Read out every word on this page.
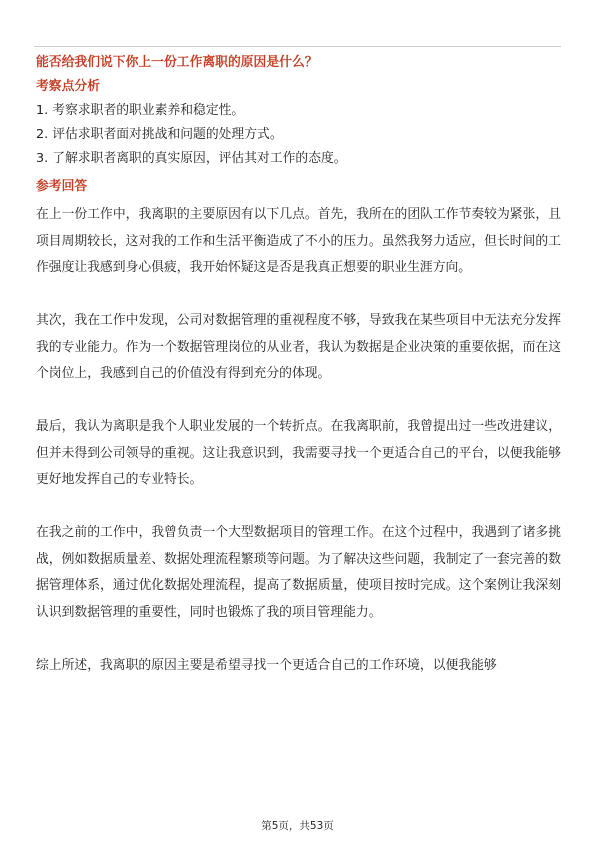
能否给我们说下你上一份工作离职的原因是什么？
考察点分析
1. 考察求职者的职业素养和稳定性。
2. 评估求职者面对挑战和问题的处理方式。
3. 了解求职者离职的真实原因，评估其对工作的态度。
参考回答

在上一份工作中，我离职的主要原因有以下几点。首先，我所在的团队工作节奏较为紧张，且项目周期较长，这对我的工作和生活平衡造成了不小的压力。虽然我努力适应，但长时间的工作强度让我感到身心俱疲，我开始怀疑这是否是我真正想要的职业生涯方向。

其次，我在工作中发现，公司对数据管理的重视程度不够，导致我在某些项目中无法充分发挥我的专业能力。作为一个数据管理岗位的从业者，我认为数据是企业决策的重要依据，而在这个岗位上，我感到自己的价值没有得到充分的体现。

最后，我认为离职是我个人职业发展的一个转折点。在我离职前，我曾提出过一些改进建议，但并未得到公司领导的重视。这让我意识到，我需要寻找一个更适合自己的平台，以便我能够更好地发挥自己的专业特长。

在我之前的工作中，我曾负责一个大型数据项目的管理工作。在这个过程中，我遇到了诸多挑战，例如数据质量差、数据处理流程繁琐等问题。为了解决这些问题，我制定了一套完善的数据管理体系，通过优化数据处理流程，提高了数据质量，使项目按时完成。这个案例让我深刻认识到数据管理的重要性，同时也锻炼了我的项目管理能力。

综上所述，我离职的原因主要是希望寻找一个更适合自己的工作环境，以便我能够

第5页，共53页
